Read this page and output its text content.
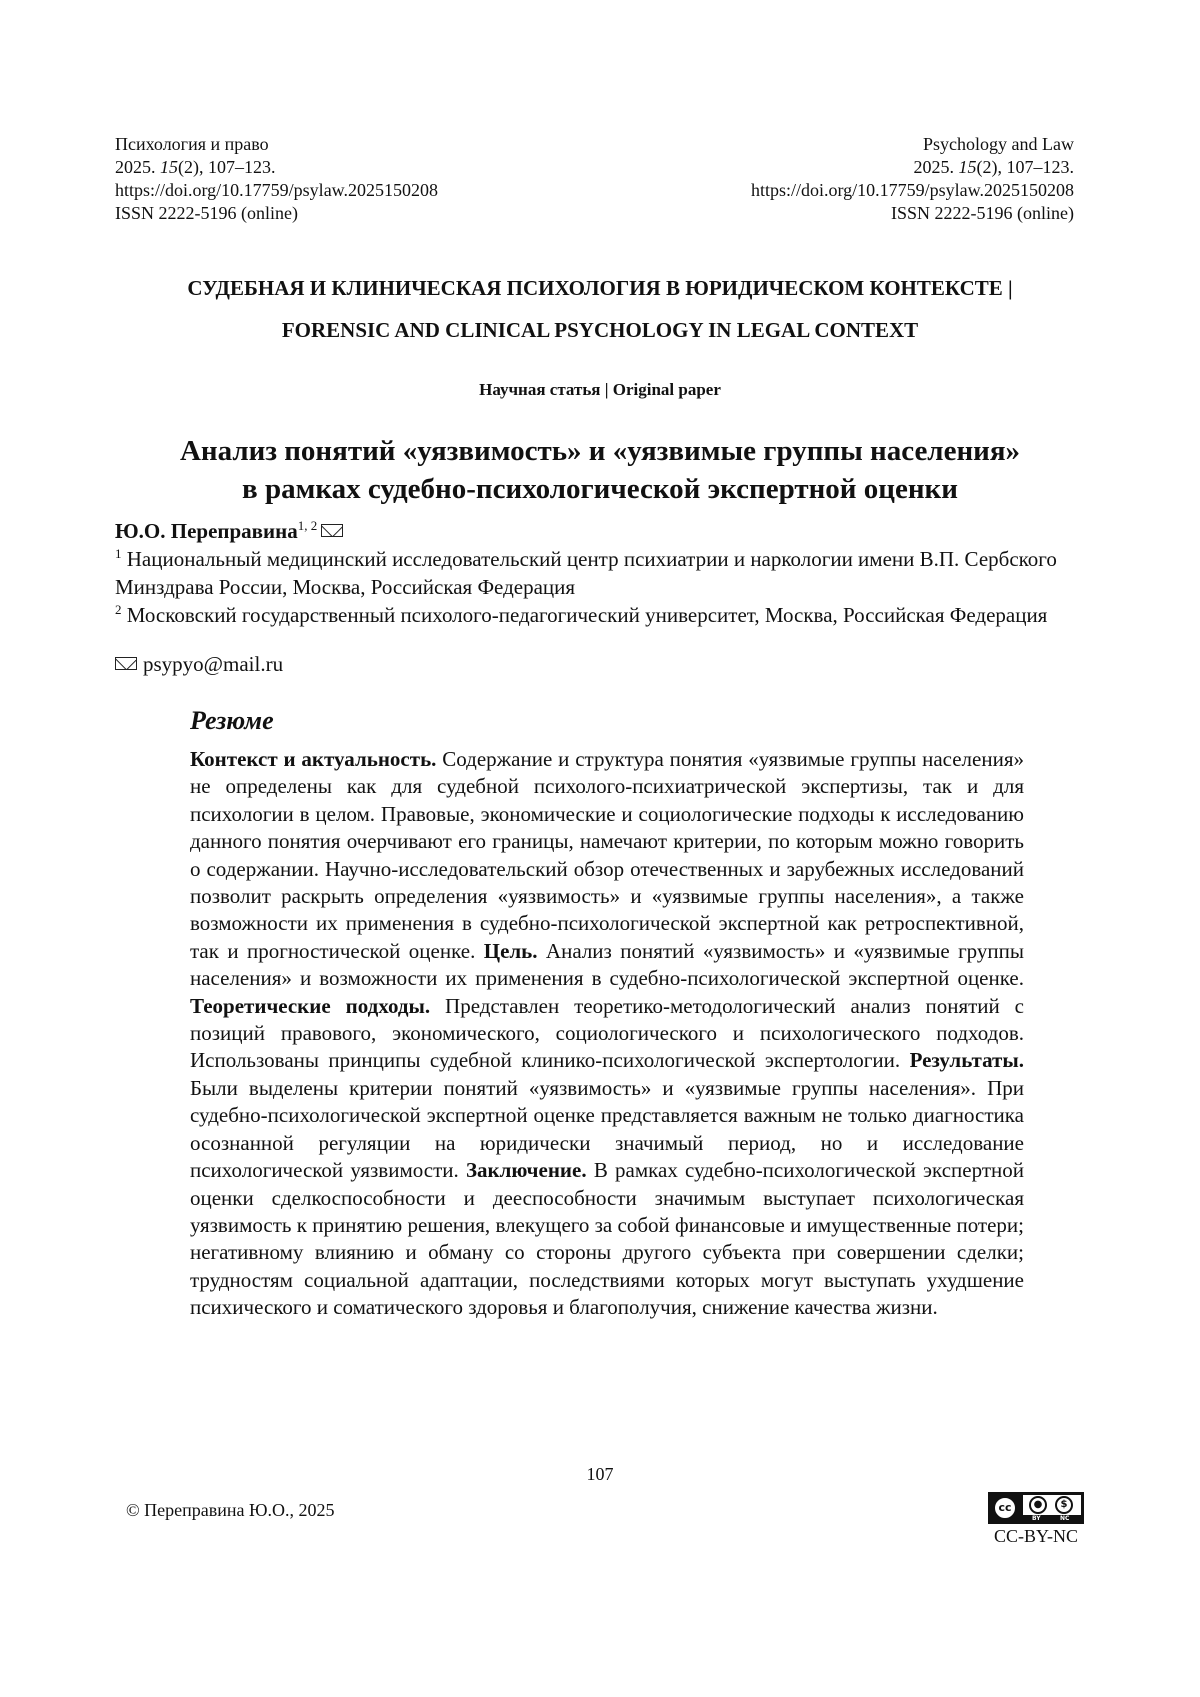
Психология и право
2025. 15(2), 107–123.
https://doi.org/10.17759/psylaw.2025150208
ISSN 2222-5196 (online)
Psychology and Law
2025. 15(2), 107–123.
https://doi.org/10.17759/psylaw.2025150208
ISSN 2222-5196 (online)
СУДЕБНАЯ И КЛИНИЧЕСКАЯ ПСИХОЛОГИЯ В ЮРИДИЧЕСКОМ КОНТЕКСТЕ |
FORENSIC AND CLINICAL PSYCHOLOGY IN LEGAL CONTEXT
Научная статья | Original paper
Анализ понятий «уязвимость» и «уязвимые группы населения»
в рамках судебно-психологической экспертной оценки
Ю.О. Переправина$^{1, 2}$
$^1$ Национальный медицинский исследовательский центр психиатрии и наркологии имени В.П. Сербского Минздрава России, Москва, Российская Федерация
$^2$ Московский государственный психолого-педагогический университет, Москва, Российская Федерация
psypyo@mail.ru
Резюме
Контекст и актуальность. Содержание и структура понятия «уязвимые группы населения» не определены как для судебной психолого-психиатрической экспертизы, так и для психологии в целом. Правовые, экономические и социологические подходы к исследованию данного понятия очерчивают его границы, намечают критерии, по которым можно говорить о содержании. Научно-исследовательский обзор отечественных и зарубежных исследований позволит раскрыть определения «уязвимость» и «уязвимые группы населения», а также возможности их применения в судебно-психологической экспертной как ретроспективной, так и прогностической оценке. Цель. Анализ понятий «уязвимость» и «уязвимые группы населения» и возможности их применения в судебно-психологической экспертной оценке. Теоретические подходы. Представлен теоретико-методологический анализ понятий с позиций правового, экономического, социологического и психологического подходов. Использованы принципы судебной клинико-психологической экспертологии. Результаты. Были выделены критерии понятий «уязвимость» и «уязвимые группы населения». При судебно-психологической экспертной оценке представляется важным не только диагностика осознанной регуляции на юридически значимый период, но и исследование психологической уязвимости. Заключение. В рамках судебно-психологической экспертной оценки сделкоспособности и дееспособности значимым выступает психологическая уязвимость к принятию решения, влекущего за собой финансовые и имущественные потери; негативному влиянию и обману со стороны другого субъекта при совершении сделки; трудностям социальной адаптации, последствиями которых могут выступать ухудшение психического и соматического здоровья и благополучия, снижение качества жизни.
107
© Переправина Ю.О., 2025	cc	●	$
BY	NC
CC-BY-NC
